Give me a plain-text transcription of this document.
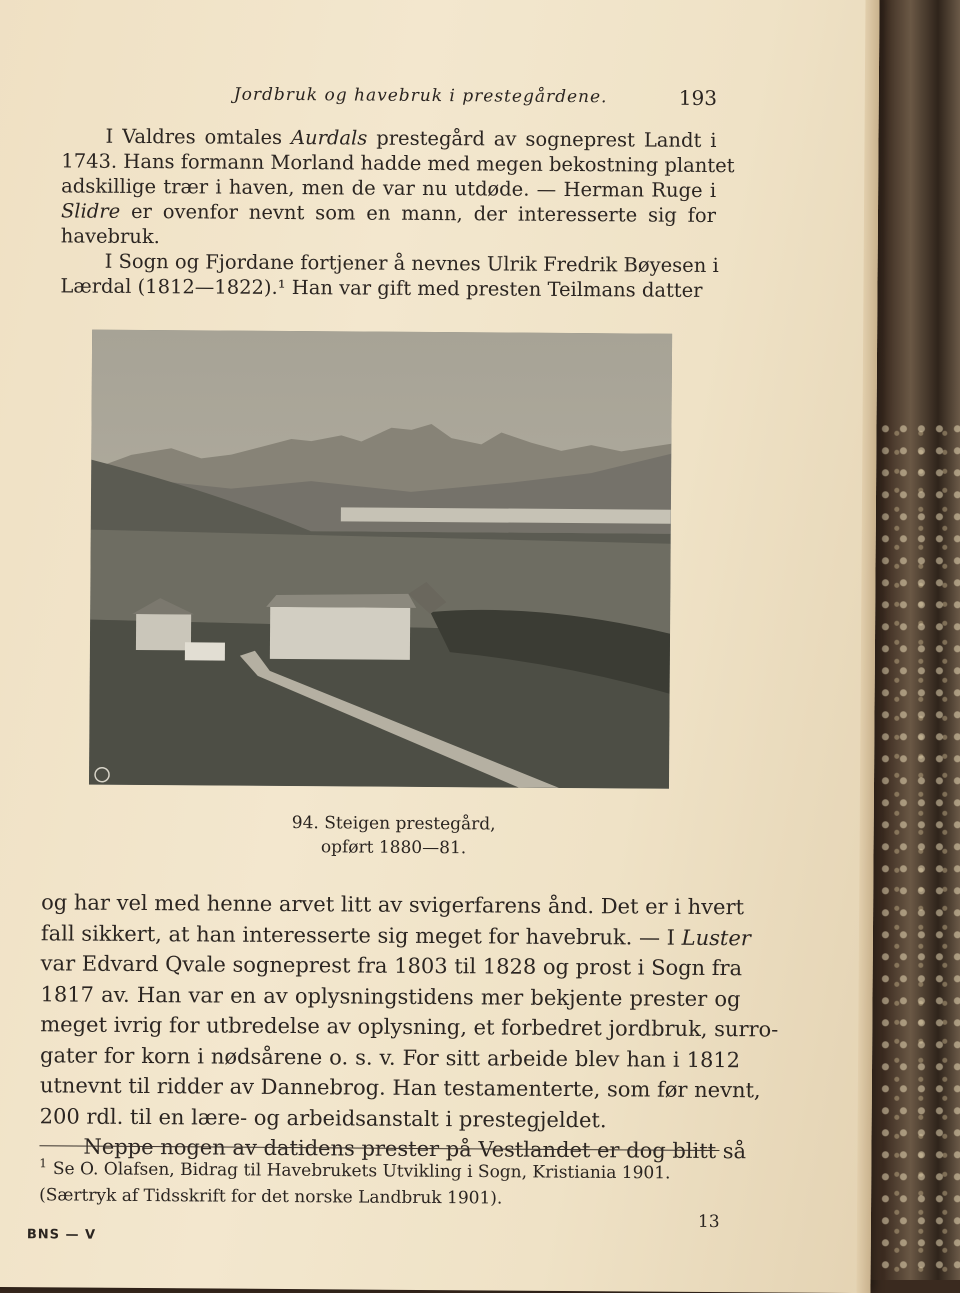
Jordbruk og havebruk i prestegårdene.	193
I Valdres omtales Aurdals prestegård av sogneprest Landt i
1743. Hans formann Morland hadde med megen bekostning plantet
adskillige trær i haven, men de var nu utdøde. — Herman Ruge i
Slidre er ovenfor nevnt som en mann, der interesserte sig for
havebruk.
I Sogn og Fjordane fortjener å nevnes Ulrik Fredrik Bøyesen i
Lærdal (1812—1822).¹ Han var gift med presten Teilmans datter
94. Steigen prestegård,
opført 1880—81.
og har vel med henne arvet litt av svigerfarens ånd. Det er i hvert
fall sikkert, at han interesserte sig meget for havebruk. — I Luster
var Edvard Qvale sogneprest fra 1803 til 1828 og prost i Sogn fra
1817 av. Han var en av oplysningstidens mer bekjente prester og
meget ivrig for utbredelse av oplysning, et forbedret jordbruk, surro-
gater for korn i nødsårene o. s. v. For sitt arbeide blev han i 1812
utnevnt til ridder av Dannebrog. Han testamenterte, som før nevnt,
200 rdl. til en lære- og arbeidsanstalt i prestegjeldet.
Neppe nogen av datidens prester på Vestlandet er dog blitt så
$^1$ Se O. Olafsen, Bidrag til Havebrukets Utvikling i Sogn, Kristiania 1901.
(Særtryk af Tidsskrift for det norske Landbruk 1901).
BNS — V
13
